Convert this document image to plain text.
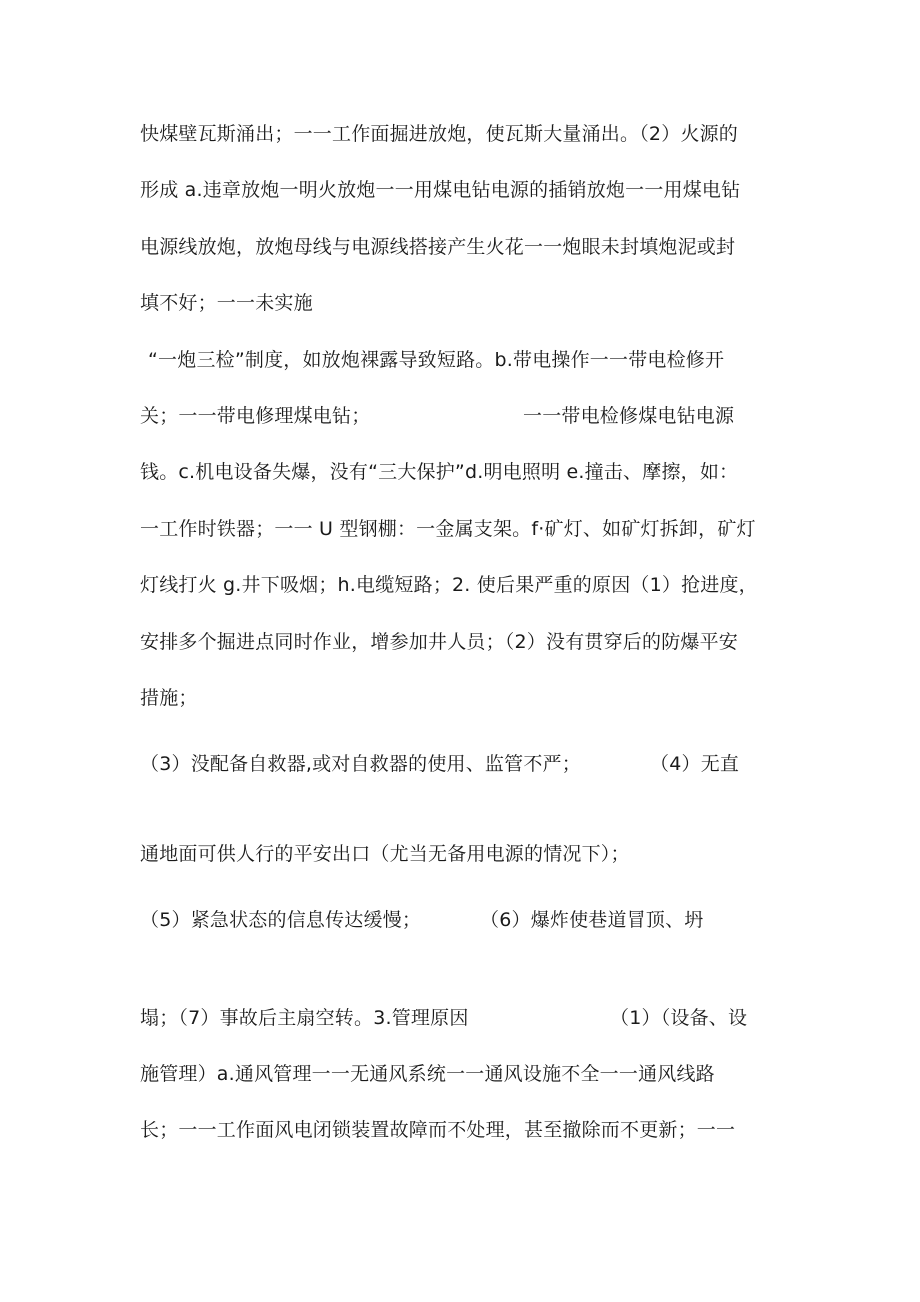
快煤壁瓦斯涌出；一一工作面掘进放炮，使瓦斯大量涌出。（2）火源的
形成 a.违章放炮一明火放炮一一用煤电钻电源的插销放炮一一用煤电钻
电源线放炮，放炮母线与电源线搭接产生火花一一炮眼未封填炮泥或封
填不好；一一未实施
“一炮三检”制度，如放炮裸露导致短路。b.带电操作一一带电检修开
关；一一带电修理煤电钻；	一一带电检修煤电钻电源
钱。c.机电设备失爆，没有“三大保护”d.明电照明 e.撞击、摩擦，如：
一工作时铁器；一一 U 型钢棚：一金属支架。f·矿灯、如矿灯拆卸，矿灯
灯线打火 g.井下吸烟；h.电缆短路；2. 使后果严重的原因（1）抢进度，
安排多个掘进点同时作业，增参加井人员；（2）没有贯穿后的防爆平安
措施；
（3）没配备自救器,或对自救器的使用、监管不严；	（4）无直
通地面可供人行的平安出口（尤当无备用电源的情况下）；
（5）紧急状态的信息传达缓慢；	（6）爆炸使巷道冒顶、坍
塌；（7）事故后主扇空转。3.管理原因	（1）（设备、设
施管理）a.通风管理一一无通风系统一一通风设施不全一一通风线路
长；一一工作面风电闭锁装置故障而不处理，甚至撤除而不更新；一一
